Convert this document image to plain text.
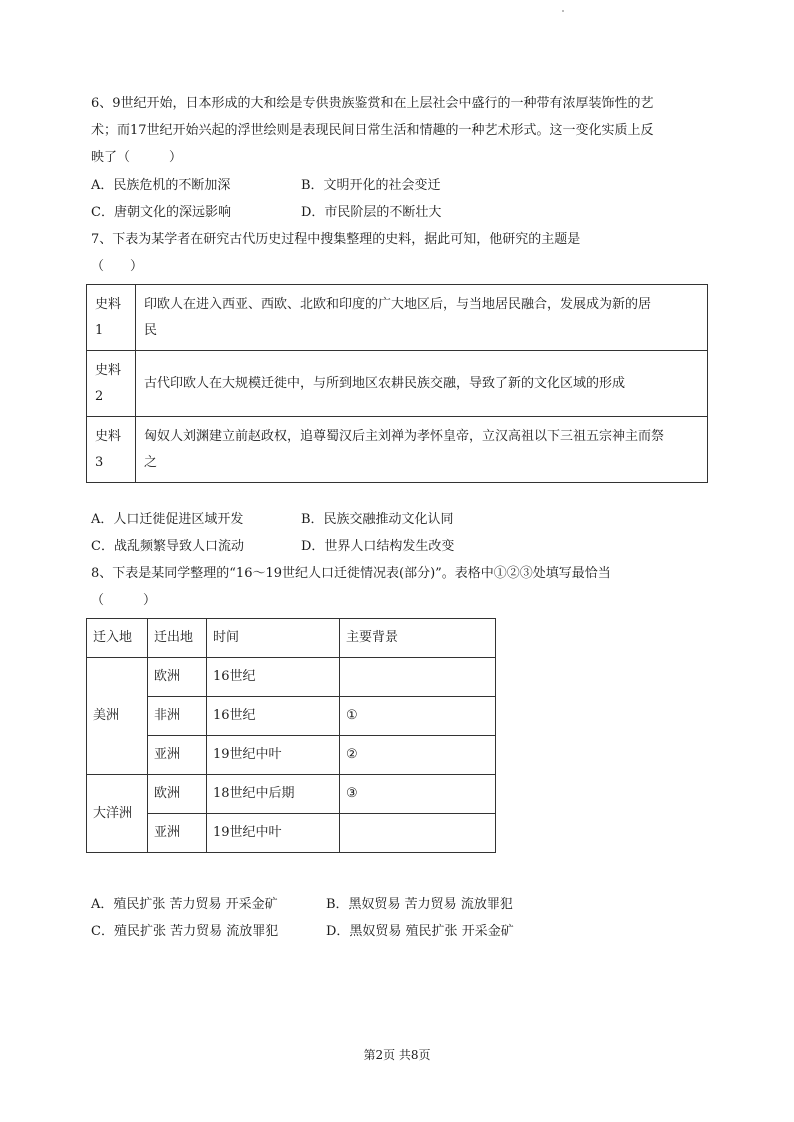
6、9世纪开始，日本形成的大和绘是专供贵族鉴赏和在上层社会中盛行的一种带有浓厚装饰性的艺
术；而17世纪开始兴起的浮世绘则是表现民间日常生活和情趣的一种艺术形式。这一变化实质上反
映了（　　　）
A．民族危机的不断加深	B．文明开化的社会变迁
C．唐朝文化的深远影响	D．市民阶层的不断壮大
7、下表为某学者在研究古代历史过程中搜集整理的史料，据此可知，他研究的主题是
（　　）
史料
1	印欧人在进入西亚、西欧、北欧和印度的广大地区后，与当地居民融合，发展成为新的居
民
史料
2	古代印欧人在大规模迁徙中，与所到地区农耕民族交融，导致了新的文化区域的形成
史料
3	匈奴人刘渊建立前赵政权，追尊蜀汉后主刘禅为孝怀皇帝，立汉高祖以下三祖五宗神主而祭
之
A．人口迁徙促进区域开发	B．民族交融推动文化认同
C．战乱频繁导致人口流动	D．世界人口结构发生改变
8、下表是某同学整理的“16～19世纪人口迁徙情况表(部分)”。表格中①②③处填写最恰当
（　　　）
迁入地	迁出地	时间	主要背景
美洲	欧洲	16世纪	
	非洲	16世纪	①
	亚洲	19世纪中叶	②
大洋洲	欧洲	18世纪中后期	③
	亚洲	19世纪中叶	
A．殖民扩张 苦力贸易 开采金矿	B．黑奴贸易 苦力贸易 流放罪犯
C．殖民扩张 苦力贸易 流放罪犯	D．黑奴贸易 殖民扩张 开采金矿
第2页 共8页
